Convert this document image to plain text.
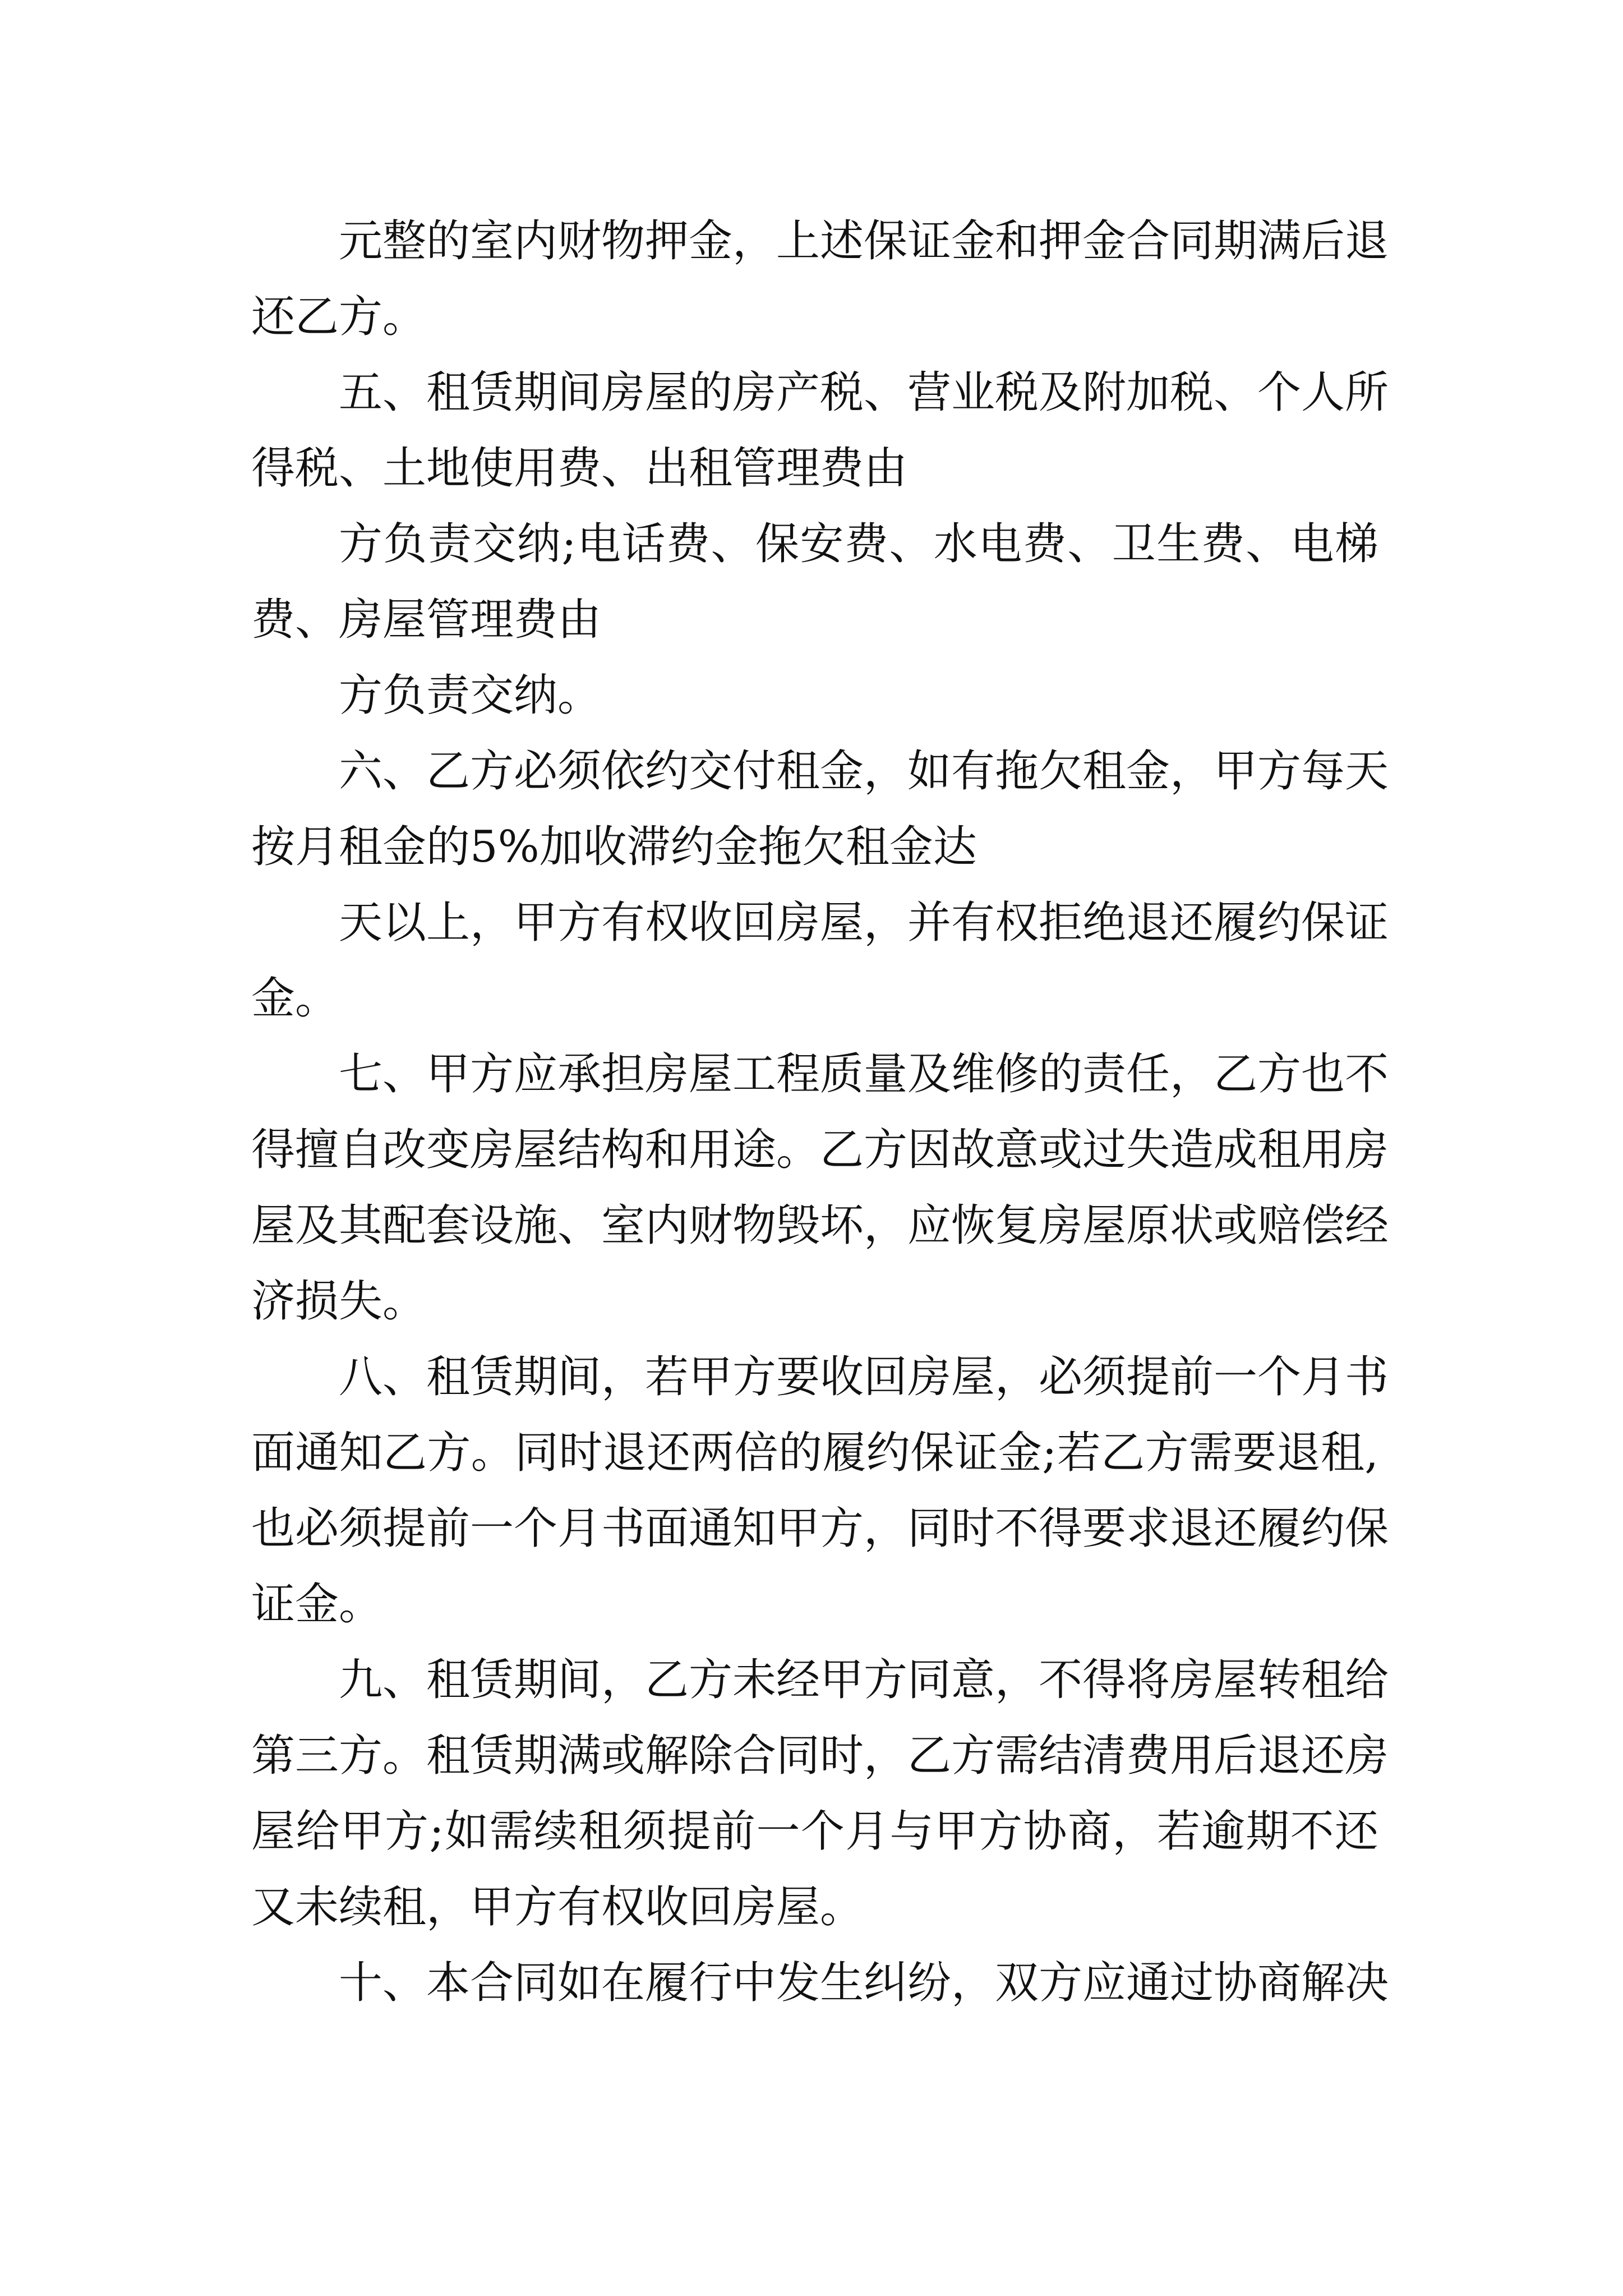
元整的室内财物押金，上述保证金和押金合同期满后退
还乙方。
五、租赁期间房屋的房产税、营业税及附加税、个人所
得税、土地使用费、出租管理费由
方负责交纳;电话费、保安费、水电费、卫生费、电梯
费、房屋管理费由
方负责交纳。
六、乙方必须依约交付租金，如有拖欠租金，甲方每天
按月租金的5%加收滞约金拖欠租金达
天以上，甲方有权收回房屋，并有权拒绝退还履约保证
金。
七、甲方应承担房屋工程质量及维修的责任，乙方也不
得擅自改变房屋结构和用途。乙方因故意或过失造成租用房
屋及其配套设施、室内财物毁坏，应恢复房屋原状或赔偿经
济损失。
八、租赁期间，若甲方要收回房屋，必须提前一个月书
面通知乙方。同时退还两倍的履约保证金;若乙方需要退租,
也必须提前一个月书面通知甲方，同时不得要求退还履约保
证金。
九、租赁期间，乙方未经甲方同意，不得将房屋转租给
第三方。租赁期满或解除合同时，乙方需结清费用后退还房
屋给甲方;如需续租须提前一个月与甲方协商，若逾期不还
又未续租，甲方有权收回房屋。
十、本合同如在履行中发生纠纷，双方应通过协商解决
